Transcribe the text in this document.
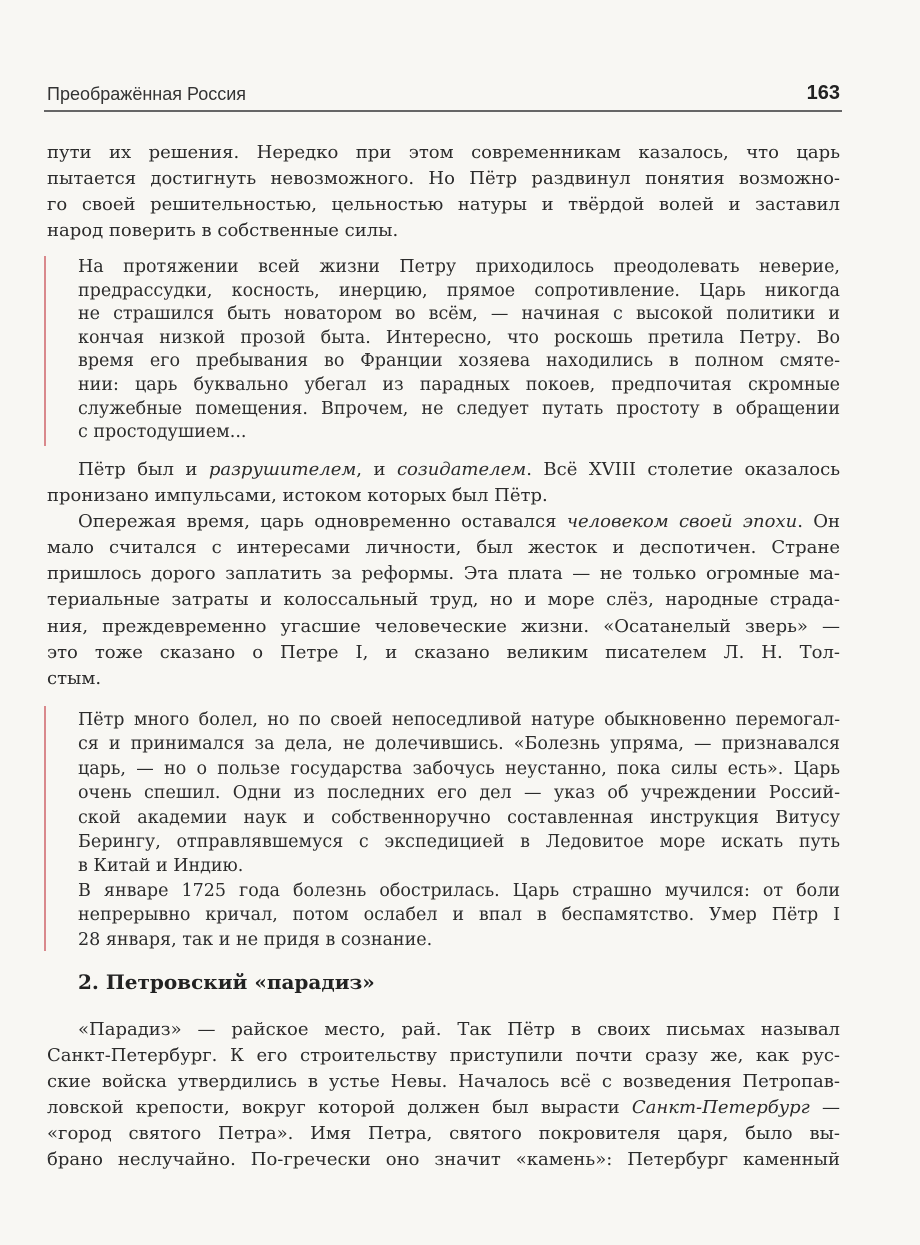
Преображённая Россия	163
пути их решения. Нередко при этом современникам казалось, что царь
пытается достигнуть невозможного. Но Пётр раздвинул понятия возможно-
го своей решительностью, цельностью натуры и твёрдой волей и заставил
народ поверить в собственные силы.
На протяжении всей жизни Петру приходилось преодолевать неверие,
предрассудки, косность, инерцию, прямое сопротивление. Царь никогда
не страшился быть новатором во всём, — начиная с высокой политики и
кончая низкой прозой быта. Интересно, что роскошь претила Петру. Во
время его пребывания во Франции хозяева находились в полном смяте-
нии: царь буквально убегал из парадных покоев, предпочитая скромные
служебные помещения. Впрочем, не следует путать простоту в обращении
с простодушием...
Пётр был и разрушителем, и созидателем. Всё XVIII столетие оказалось
пронизано импульсами, истоком которых был Пётр.
Опережая время, царь одновременно оставался человеком своей эпохи. Он
мало считался с интересами личности, был жесток и деспотичен. Стране
пришлось дорого заплатить за реформы. Эта плата — не только огромные ма-
териальные затраты и колоссальный труд, но и море слёз, народные страда-
ния, преждевременно угасшие человеческие жизни. «Осатанелый зверь» —
это тоже сказано о Петре I, и сказано великим писателем Л. Н. Тол-
стым.
Пётр много болел, но по своей непоседливой натуре обыкновенно перемогал-
ся и принимался за дела, не долечившись. «Болезнь упряма, — признавался
царь, — но о пользе государства забочусь неустанно, пока силы есть». Царь
очень спешил. Одни из последних его дел — указ об учреждении Россий-
ской академии наук и собственноручно составленная инструкция Витусу
Берингу, отправлявшемуся с экспедицией в Ледовитое море искать путь
в Китай и Индию.
В январе 1725 года болезнь обострилась. Царь страшно мучился: от боли
непрерывно кричал, потом ослабел и впал в беспамятство. Умер Пётр I
28 января, так и не придя в сознание.
2. Петровский «парадиз»
«Парадиз» — райское место, рай. Так Пётр в своих письмах называл
Санкт-Петербург. К его строительству приступили почти сразу же, как рус-
ские войска утвердились в устье Невы. Началось всё с возведения Петропав-
ловской крепости, вокруг которой должен был вырасти Санкт-Петербург —
«город святого Петра». Имя Петра, святого покровителя царя, было вы-
брано неслучайно. По-гречески оно значит «камень»: Петербург каменный
